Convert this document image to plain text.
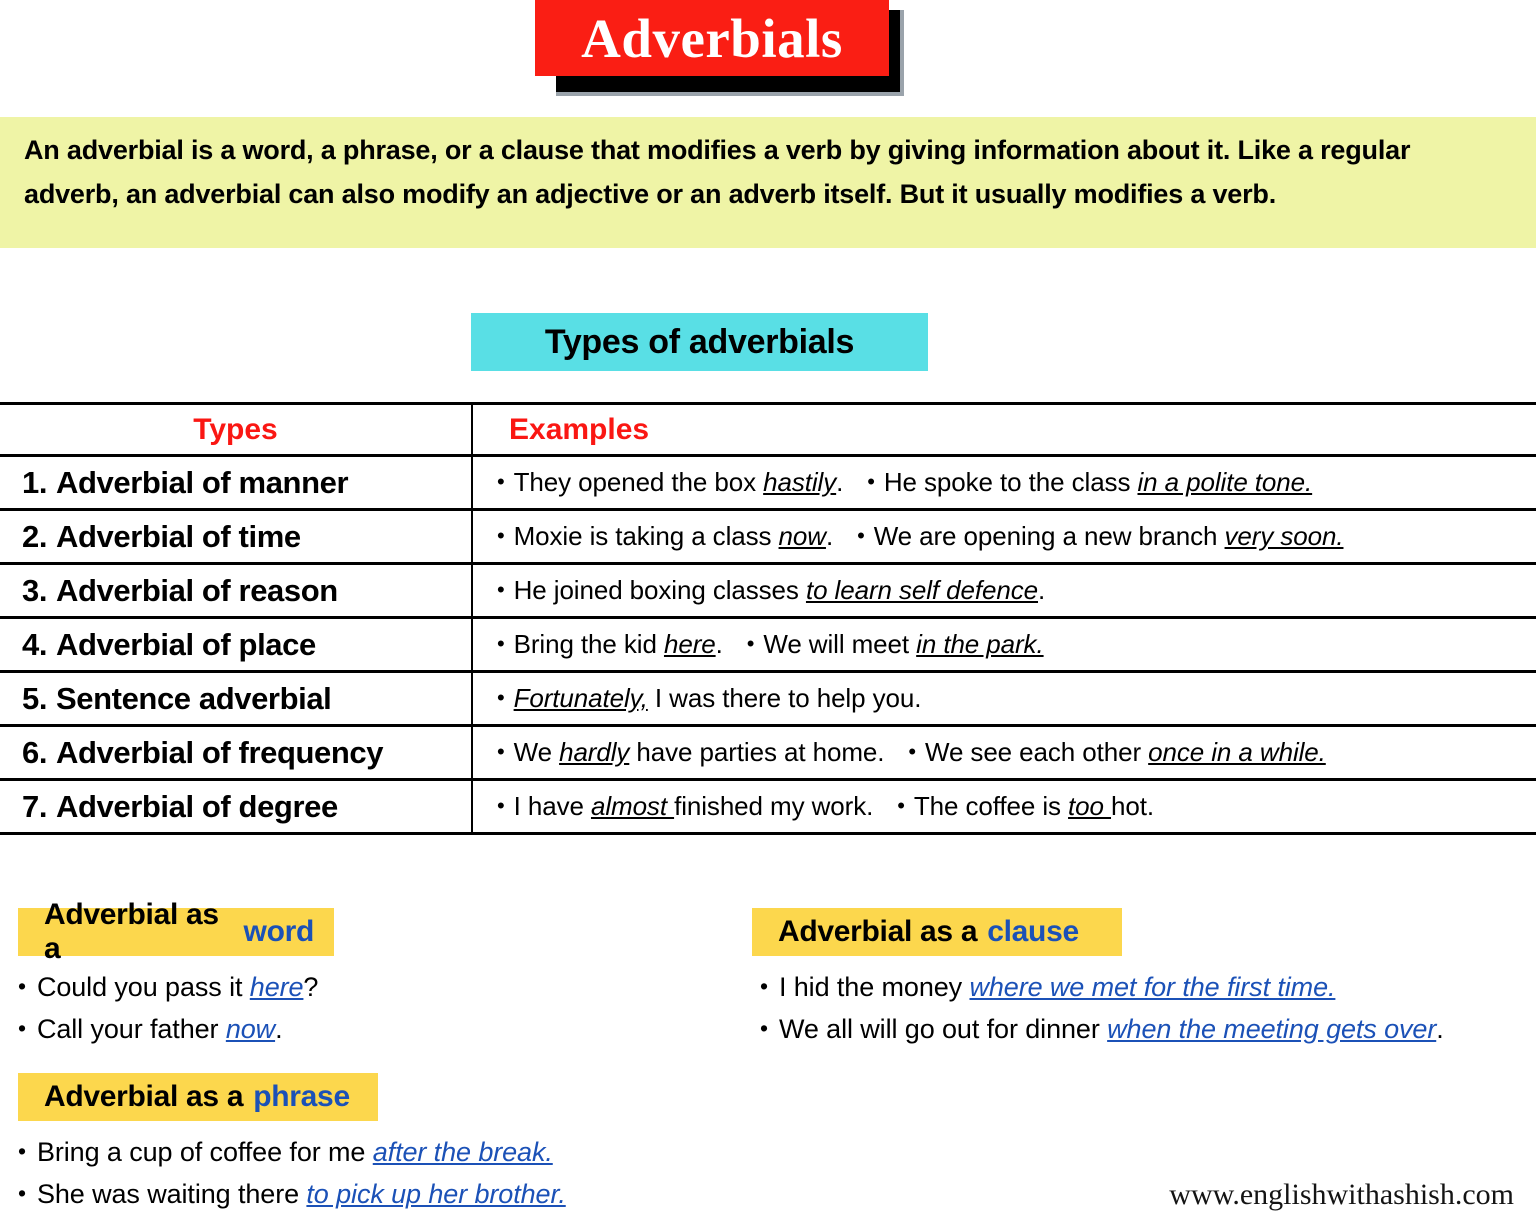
Adverbials
An adverbial is a word, a phrase, or a clause that modifies a verb by giving information about it. Like a regular adverb, an adverbial can also modify an adjective or an adverb itself. But it usually modifies a verb.
Types of adverbials
Types	Examples
1. Adverbial of manner	• They opened the box hastily. • He spoke to the class in a polite tone.
2. Adverbial of time	• Moxie is taking a class now. • We are opening a new branch very soon.
3. Adverbial of reason	• He joined boxing classes to learn self defence.
4. Adverbial of place	• Bring the kid here. • We will meet in the park.
5. Sentence adverbial	• Fortunately, I was there to help you.
6. Adverbial of frequency	• We hardly have parties at home. • We see each other once in a while.
7. Adverbial of degree	• I have almost finished my work. • The coffee is too hot.
Adverbial as a
word
• Could you pass it here?
• Call your father now.
Adverbial as a clause
• I hid the money where we met for the first time.
• We all will go out for dinner when the meeting gets over.
Adverbial as a phrase
• Bring a cup of coffee for me after the break.
• She was waiting there to pick up her brother.	www.englishwithashish.com
